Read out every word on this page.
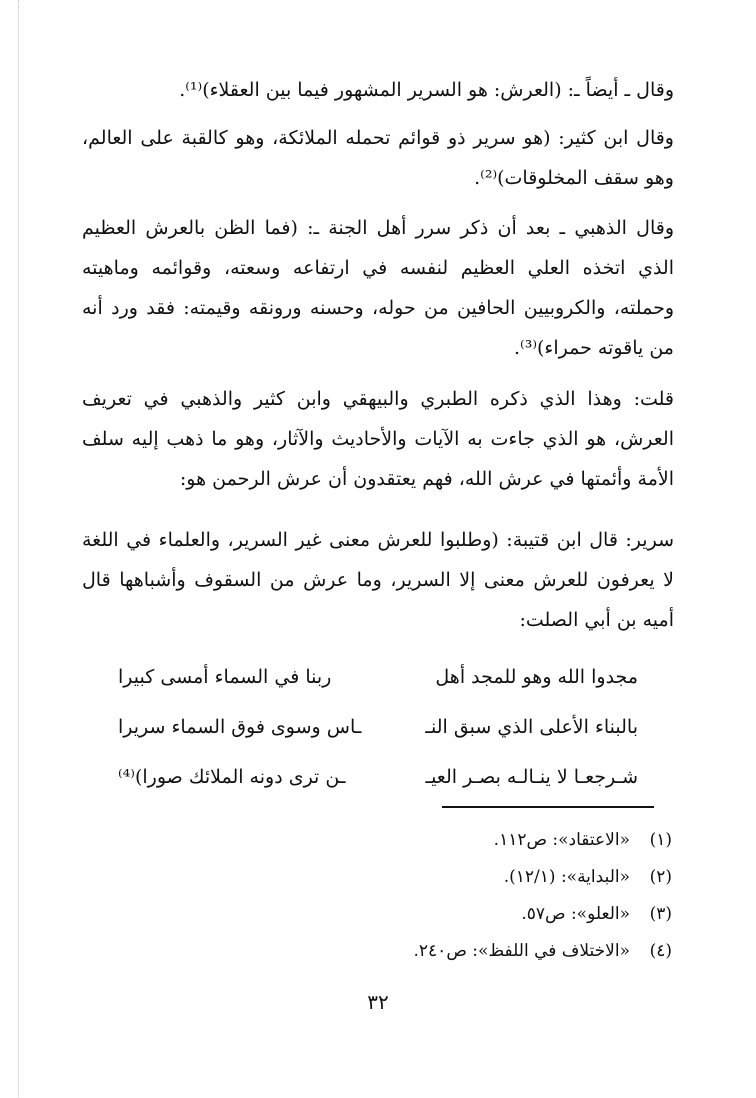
وقال ـ أيضاً ـ: (العرش: هو السرير المشهور فيما بين العقلاء)⁽¹⁾.

وقال ابن كثير: (هو سرير ذو قوائم تحمله الملائكة، وهو كالقبة على العالم، وهو سقف المخلوقات)⁽²⁾.

وقال الذهبي ـ بعد أن ذكر سرر أهل الجنة ـ: (فما الظن بالعرش العظيم الذي اتخذه العلي العظيم لنفسه في ارتفاعه وسعته، وقوائمه وماهيته وحملته، والكروبيين الحافين من حوله، وحسنه ورونقه وقيمته: فقد ورد أنه من ياقوته حمراء)⁽³⁾.

قلت: وهذا الذي ذكره الطبري والبيهقي وابن كثير والذهبي في تعريف العرش، هو الذي جاءت به الآيات والأحاديث والآثار، وهو ما ذهب إليه سلف الأمة وأئمتها في عرش الله، فهم يعتقدون أن عرش الرحمن هو:

سرير: قال ابن قتيبة: (وطلبوا للعرش معنى غير السرير، والعلماء في اللغة لا يعرفون للعرش معنى إلا السرير، وما عرش من السقوف وأشباهها قال أميه بن أبي الصلت:

مجدوا الله وهو للمجد أهل
ربنا في السماء أمسى كبيرا
بالبناء الأعلى الذي سبق النـ
ـاس وسوى فوق السماء سريرا
شـرجعـا لا ينـالـه بصـر العيـ
ـن ترى دونه الملائك صورا)⁽⁴⁾
(١)
«الاعتقاد»: ص١١٢.
(٢)
«البداية»: (١٢/١).
(٣)
«العلو»: ص٥٧.
(٤)
«الاختلاف في اللفظ»: ص٢٤٠.
٣٢
